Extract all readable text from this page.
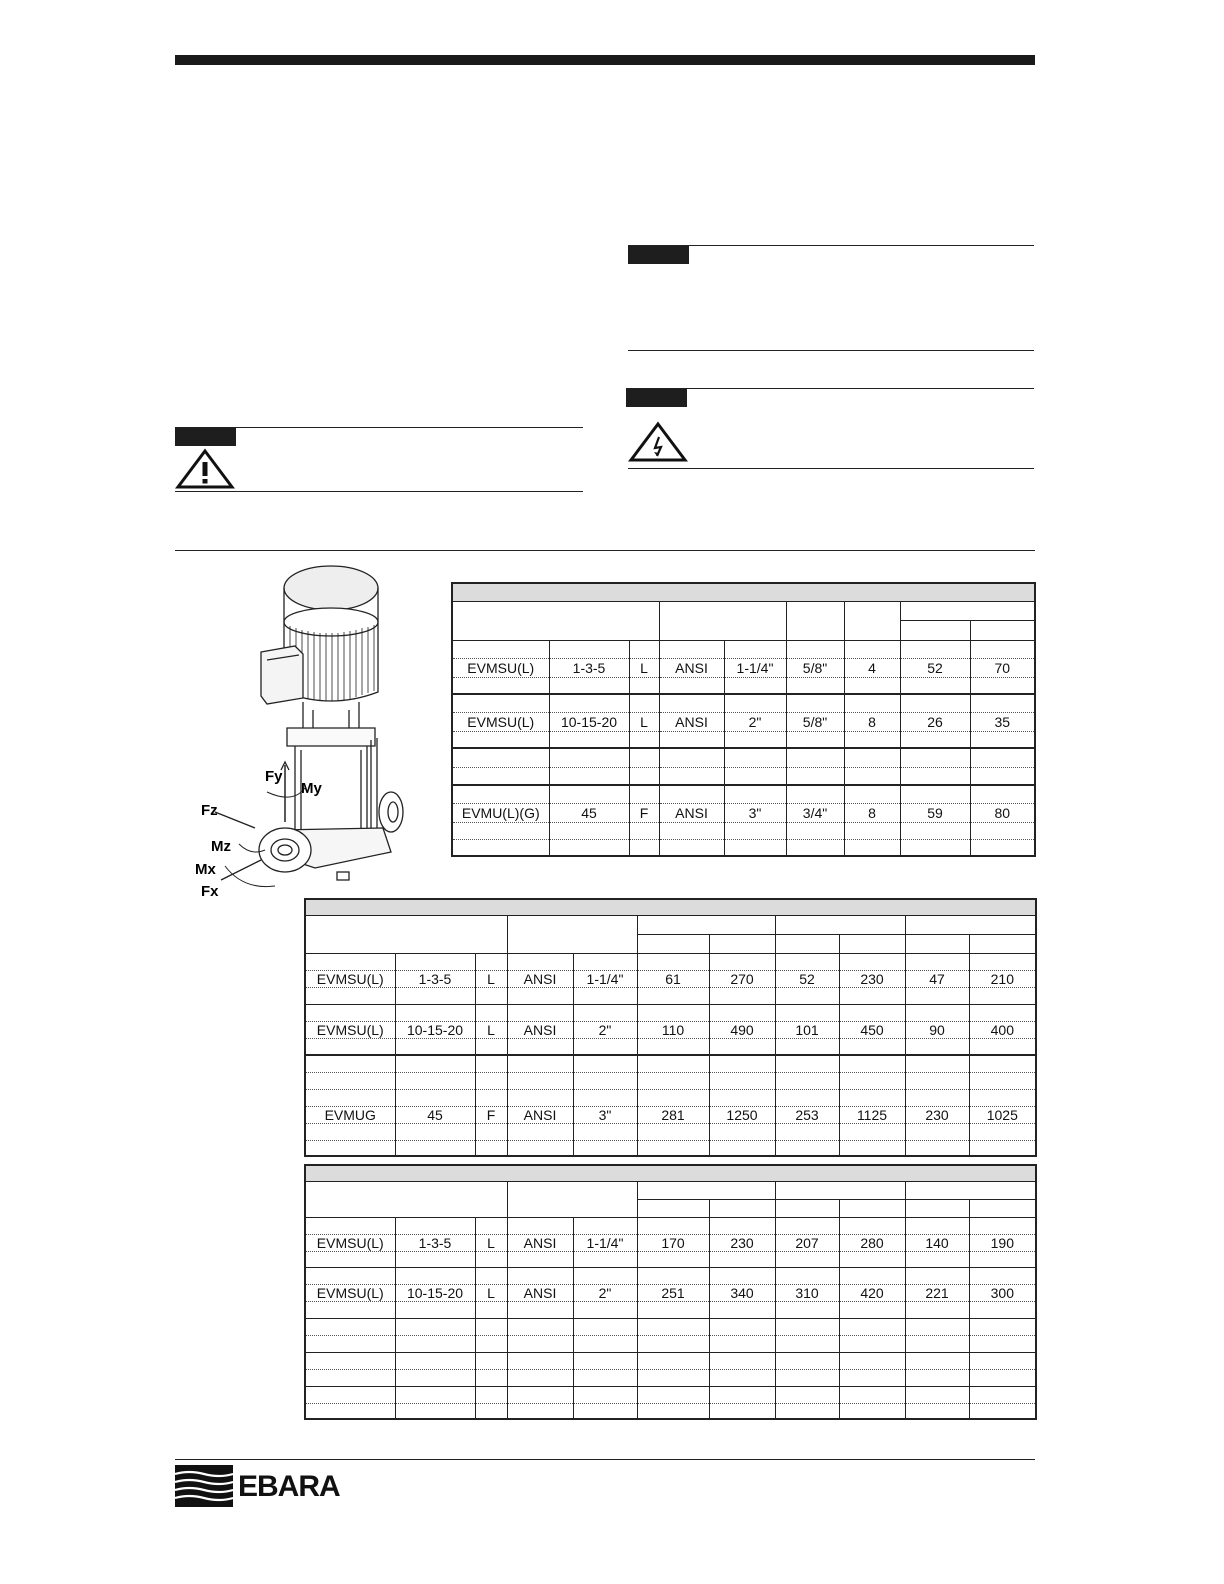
Fy
My
Fz
Mz
Mx
Fx

EVMSU(L)	1-3-5	L	ANSI	1-1/4"	5/8"	4	52	70

EVMSU(L)	10-15-20	L	ANSI	2"	5/8"	8	26	35

EVMU(L)(G)	45	F	ANSI	3"	3/4"	8	59	80

EVMSU(L)	1-3-5	L	ANSI	1-1/4"	61	270	52	230	47	210

EVMSU(L)	10-15-20	L	ANSI	2"	110	490	101	450	90	400

EVMUG	45	F	ANSI	3"	281	1250	253	1125	230	1025

EVMSU(L)	1-3-5	L	ANSI	1-1/4"	170	230	207	280	140	190

EVMSU(L)	10-15-20	L	ANSI	2"	251	340	310	420	221	300

EBARA
